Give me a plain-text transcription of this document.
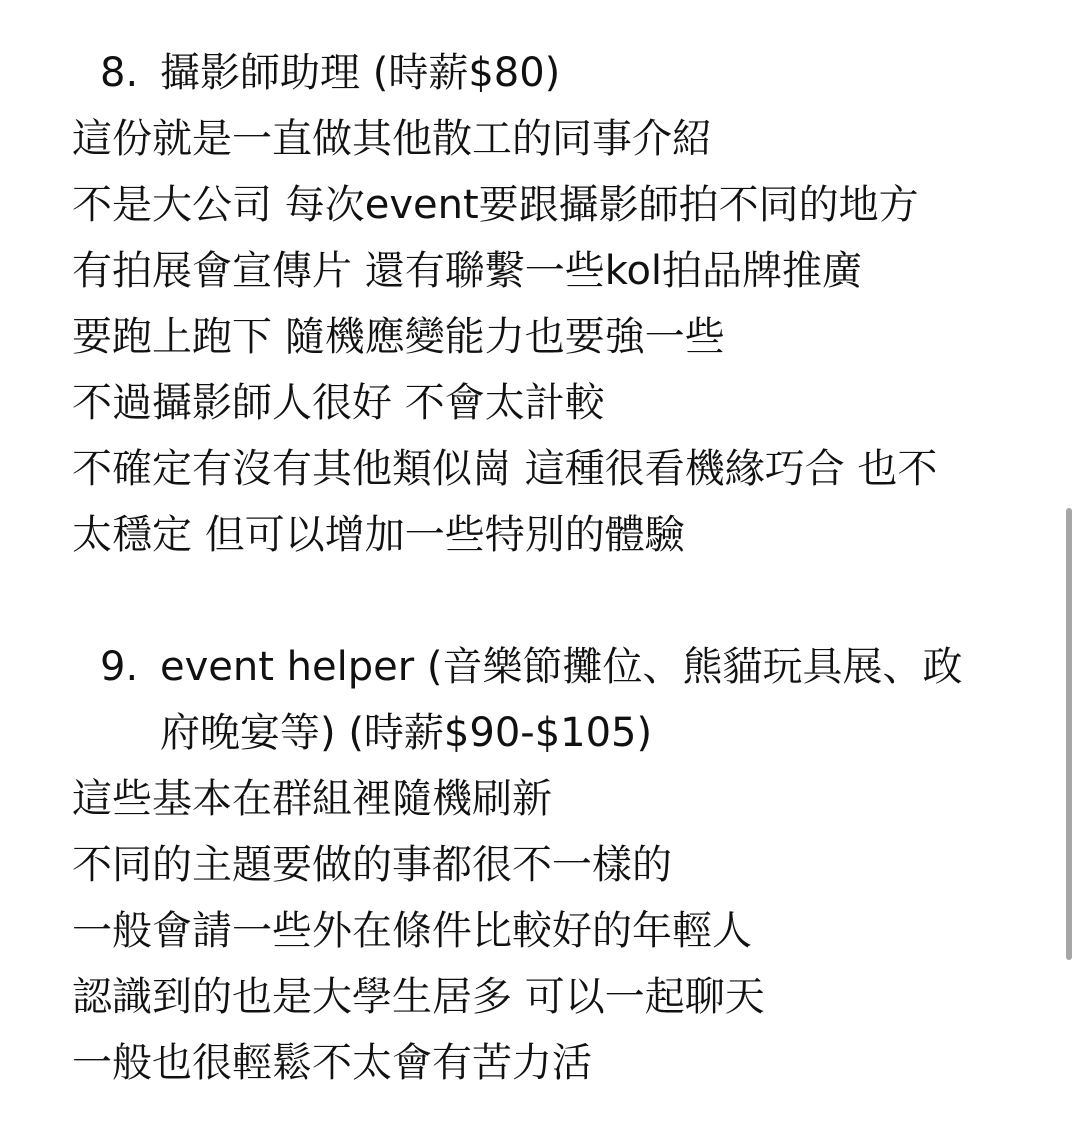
8. 攝影師助理 (時薪$80)
這份就是一直做其他散工的同事介紹
不是大公司 每次event要跟攝影師拍不同的地方
有拍展會宣傳片 還有聯繫一些kol拍品牌推廣
要跑上跑下 隨機應變能力也要強一些
不過攝影師人很好 不會太計較
不確定有沒有其他類似崗 這種很看機緣巧合 也不
太穩定 但可以增加一些特別的體驗
9. event helper (音樂節攤位、熊貓玩具展、政
府晚宴等) (時薪$90-$105)
這些基本在群組裡隨機刷新
不同的主題要做的事都很不一樣的
一般會請一些外在條件比較好的年輕人
認識到的也是大學生居多 可以一起聊天
一般也很輕鬆不太會有苦力活
